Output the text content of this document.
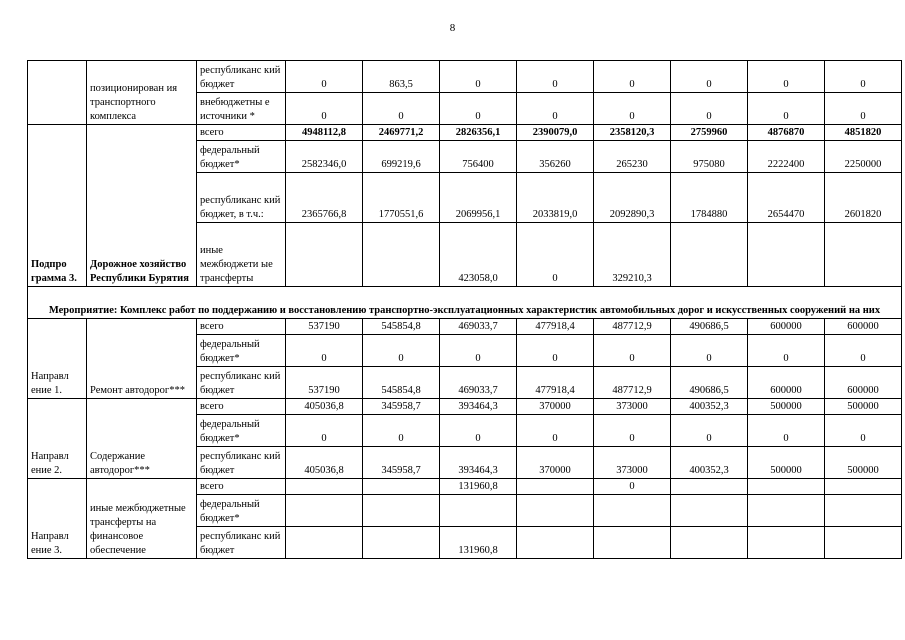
8
	позиционирован ия транспортного комплекса	республиканс кий бюджет	0	863,5	0	0	0	0	0	0
		внебюджетны е источники *	0	0	0	0	0	0	0	0
Подпро грамма 3.	Дорожное хозяйство Республики Бурятия	всего	4948112,8	2469771,2	2826356,1	2390079,0	2358120,3	2759960	4876870	4851820
		федеральный бюджет*	2582346,0	699219,6	756400	356260	265230	975080	2222400	2250000
		республиканс кий бюджет, в т.ч.:	2365766,8	1770551,6	2069956,1	2033819,0	2092890,3	1784880	2654470	2601820
		иные межбюджети ые трансферты			423058,0	0	329210,3			
Мероприятие: Комплекс работ по поддержанию и восстановлению транспортно-эксплуатационных характеристик автомобильных дорог и искусственных сооружений на них										
Направл ение 1.	Ремонт автодорог***	всего	537190	545854,8	469033,7	477918,4	487712,9	490686,5	600000	600000
		федеральный бюджет*	0	0	0	0	0	0	0	0
		республиканс кий бюджет	537190	545854,8	469033,7	477918,4	487712,9	490686,5	600000	600000
Направл ение 2.	Содержание автодорог***	всего	405036,8	345958,7	393464,3	370000	373000	400352,3	500000	500000
		федеральный бюджет*	0	0	0	0	0	0	0	0
		республиканс кий бюджет	405036,8	345958,7	393464,3	370000	373000	400352,3	500000	500000
Направл ение 3.	иные межбюджетные трансферты на финансовое обеспечение	всего			131960,8		0			
		федеральный бюджет*								
		республиканс кий бюджет			131960,8					
